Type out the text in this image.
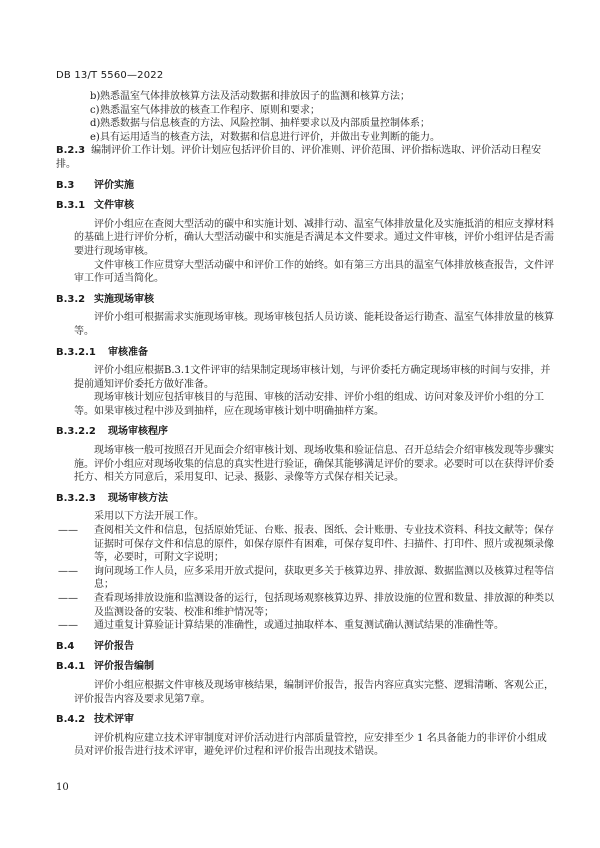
DB 13/T 5560—2022
b) 熟悉温室气体排放核算方法及活动数据和排放因子的监测和核算方法；
c) 熟悉温室气体排放的核查工作程序、原则和要求；
d) 熟悉数据与信息核查的方法、风险控制、抽样要求以及内部质量控制体系；
e) 具有运用适当的核查方法，对数据和信息进行评价，并做出专业判断的能力。
B.2.3 编制评价工作计划。评价计划应包括评价目的、评价准则、评价范围、评价指标选取、评价活动日程安排。
B.3 评价实施
B.3.1 文件审核
评价小组应在查阅大型活动的碳中和实施计划、减排行动、温室气体排放量化及实施抵消的相应支撑材料的基础上进行评价分析，确认大型活动碳中和实施是否满足本文件要求。通过文件审核，评价小组评估是否需要进行现场审核。
文件审核工作应贯穿大型活动碳中和评价工作的始终。如有第三方出具的温室气体排放核查报告，文件评审工作可适当简化。
B.3.2 实施现场审核
评价小组可根据需求实施现场审核。现场审核包括人员访谈、能耗设备运行勘查、温室气体排放量的核算等。
B.3.2.1 审核准备
评价小组应根据B.3.1文件评审的结果制定现场审核计划，与评价委托方确定现场审核的时间与安排，并提前通知评价委托方做好准备。
现场审核计划应包括审核目的与范围、审核的活动安排、评价小组的组成、访问对象及评价小组的分工等。如果审核过程中涉及到抽样，应在现场审核计划中明确抽样方案。
B.3.2.2 现场审核程序
现场审核一般可按照召开见面会介绍审核计划、现场收集和验证信息、召开总结会介绍审核发现等步骤实施。评价小组应对现场收集的信息的真实性进行验证，确保其能够满足评价的要求。必要时可以在获得评价委托方、相关方同意后，采用复印、记录、摄影、录像等方式保存相关记录。
B.3.2.3 现场审核方法
采用以下方法开展工作。
—— 查阅相关文件和信息，包括原始凭证、台账、报表、图纸、会计账册、专业技术资料、科技文献等；保存证据时可保存文件和信息的原件，如保存原件有困难，可保存复印件、扫描件、打印件、照片或视频录像等，必要时，可附文字说明；
—— 询问现场工作人员，应多采用开放式提问，获取更多关于核算边界、排放源、数据监测以及核算过程等信息；
—— 查看现场排放设施和监测设备的运行，包括现场观察核算边界、排放设施的位置和数量、排放源的种类以及监测设备的安装、校准和维护情况等；
—— 通过重复计算验证计算结果的准确性，或通过抽取样本、重复测试确认测试结果的准确性等。
B.4 评价报告
B.4.1 评价报告编制
评价小组应根据文件审核及现场审核结果，编制评价报告，报告内容应真实完整、逻辑清晰、客观公正，评价报告内容及要求见第7章。
B.4.2 技术评审
评价机构应建立技术评审制度对评价活动进行内部质量管控，应安排至少 1 名具备能力的非评价小组成员对评价报告进行技术评审，避免评价过程和评价报告出现技术错误。
10
